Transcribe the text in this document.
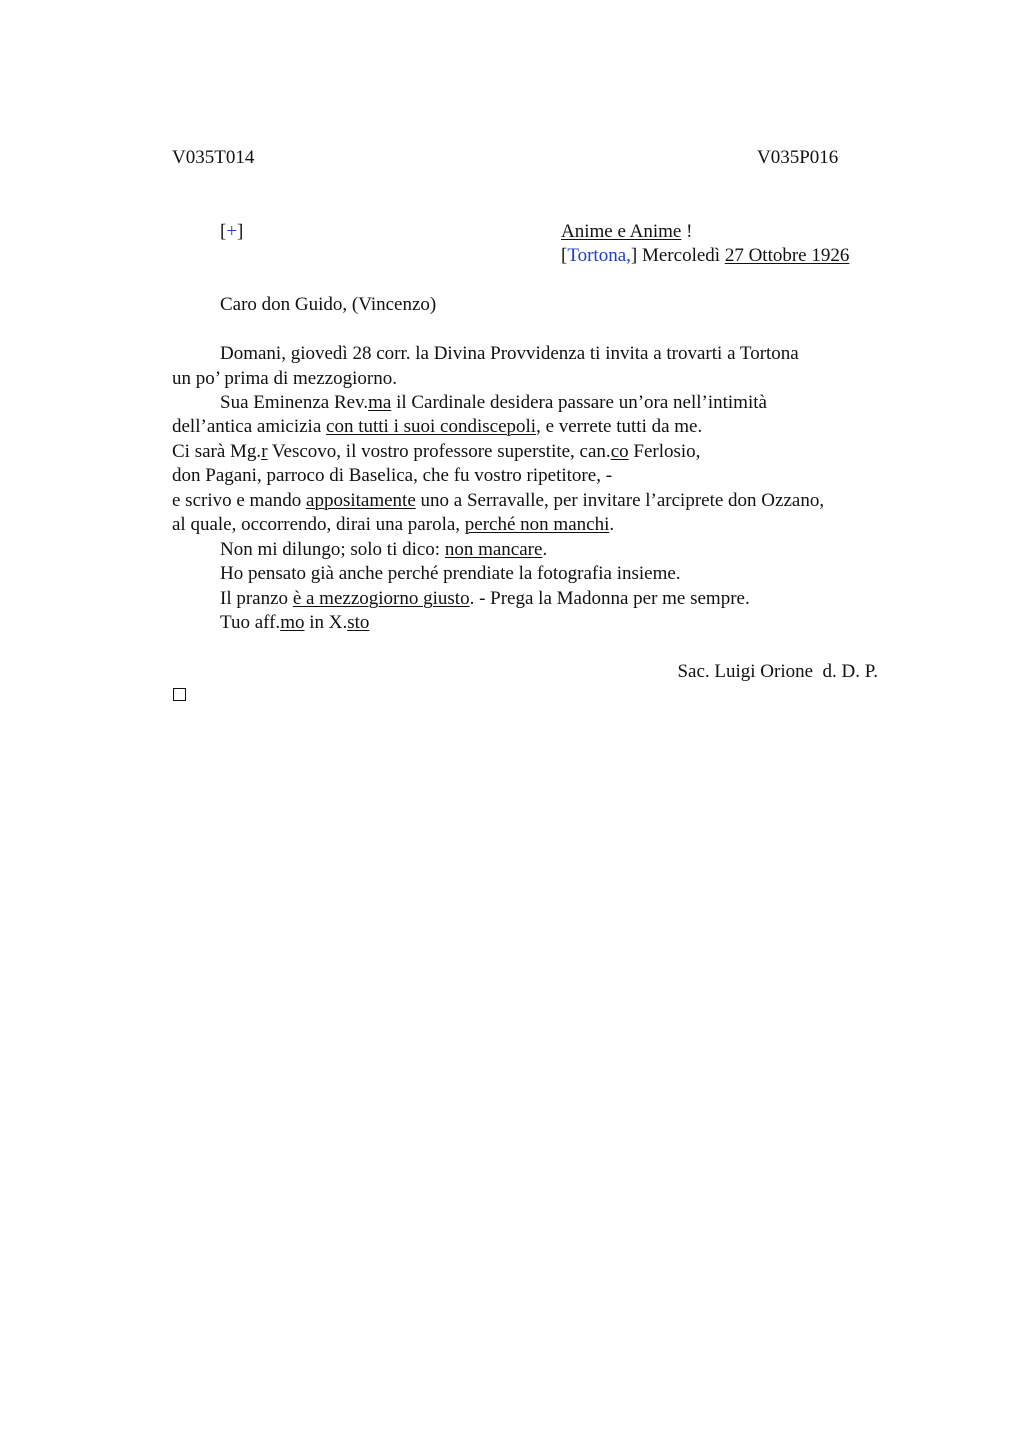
V035T014	V035P016
[+]	Anime e Anime !
[Tortona,] Mercoledì 27 Ottobre 1926
Caro don Guido, (Vincenzo)
Domani, giovedì 28 corr. la Divina Provvidenza ti invita a trovarti a Tortona
un po’ prima di mezzogiorno.
Sua Eminenza Rev.ma il Cardinale desidera passare un’ora nell’intimità
dell’antica amicizia con tutti i suoi condiscepoli, e verrete tutti da me.
Ci sarà Mg.r Vescovo, il vostro professore superstite, can.co Ferlosio,
don Pagani, parroco di Baselica, che fu vostro ripetitore, -
e scrivo e mando appositamente uno a Serravalle, per invitare l’arciprete don Ozzano,
al quale, occorrendo, dirai una parola, perché non manchi.
Non mi dilungo; solo ti dico: non mancare.
Ho pensato già anche perché prendiate la fotografia insieme.
Il pranzo è a mezzogiorno giusto. - Prega la Madonna per me sempre.
Tuo aff.mo in X.sto
Sac. Luigi Orione  d. D. P.
